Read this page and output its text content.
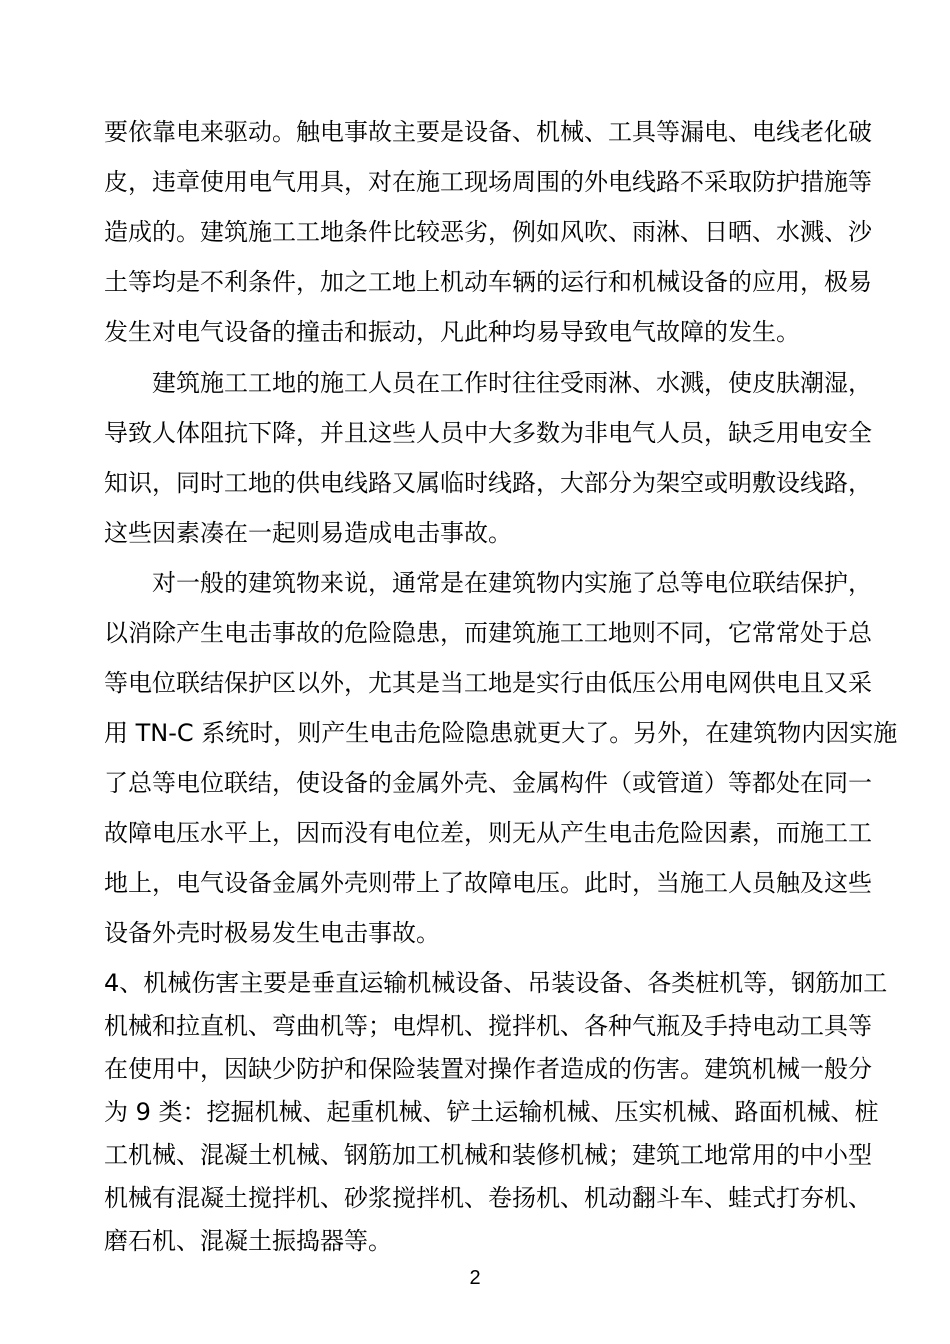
要依靠电来驱动。触电事故主要是设备、机械、工具等漏电、电线老化破
皮，违章使用电气用具，对在施工现场周围的外电线路不采取防护措施等
造成的。建筑施工工地条件比较恶劣，例如风吹、雨淋、日晒、水溅、沙
土等均是不利条件，加之工地上机动车辆的运行和机械设备的应用，极易
发生对电气设备的撞击和振动，凡此种均易导致电气故障的发生。
建筑施工工地的施工人员在工作时往往受雨淋、水溅，使皮肤潮湿，
导致人体阻抗下降，并且这些人员中大多数为非电气人员，缺乏用电安全
知识，同时工地的供电线路又属临时线路，大部分为架空或明敷设线路，
这些因素凑在一起则易造成电击事故。
对一般的建筑物来说，通常是在建筑物内实施了总等电位联结保护，
以消除产生电击事故的危险隐患，而建筑施工工地则不同，它常常处于总
等电位联结保护区以外，尤其是当工地是实行由低压公用电网供电且又采
用 TN-C 系统时，则产生电击危险隐患就更大了。另外，在建筑物内因实施
了总等电位联结，使设备的金属外壳、金属构件（或管道）等都处在同一
故障电压水平上，因而没有电位差，则无从产生电击危险因素，而施工工
地上，电气设备金属外壳则带上了故障电压。此时，当施工人员触及这些
设备外壳时极易发生电击事故。
4、机械伤害主要是垂直运输机械设备、吊装设备、各类桩机等，钢筋加工
机械和拉直机、弯曲机等；电焊机、搅拌机、各种气瓶及手持电动工具等
在使用中，因缺少防护和保险装置对操作者造成的伤害。建筑机械一般分
为 9 类：挖掘机械、起重机械、铲土运输机械、压实机械、路面机械、桩
工机械、混凝土机械、钢筋加工机械和装修机械；建筑工地常用的中小型
机械有混凝土搅拌机、砂浆搅拌机、卷扬机、机动翻斗车、蛙式打夯机、
2
磨石机、混凝土振捣器等。
